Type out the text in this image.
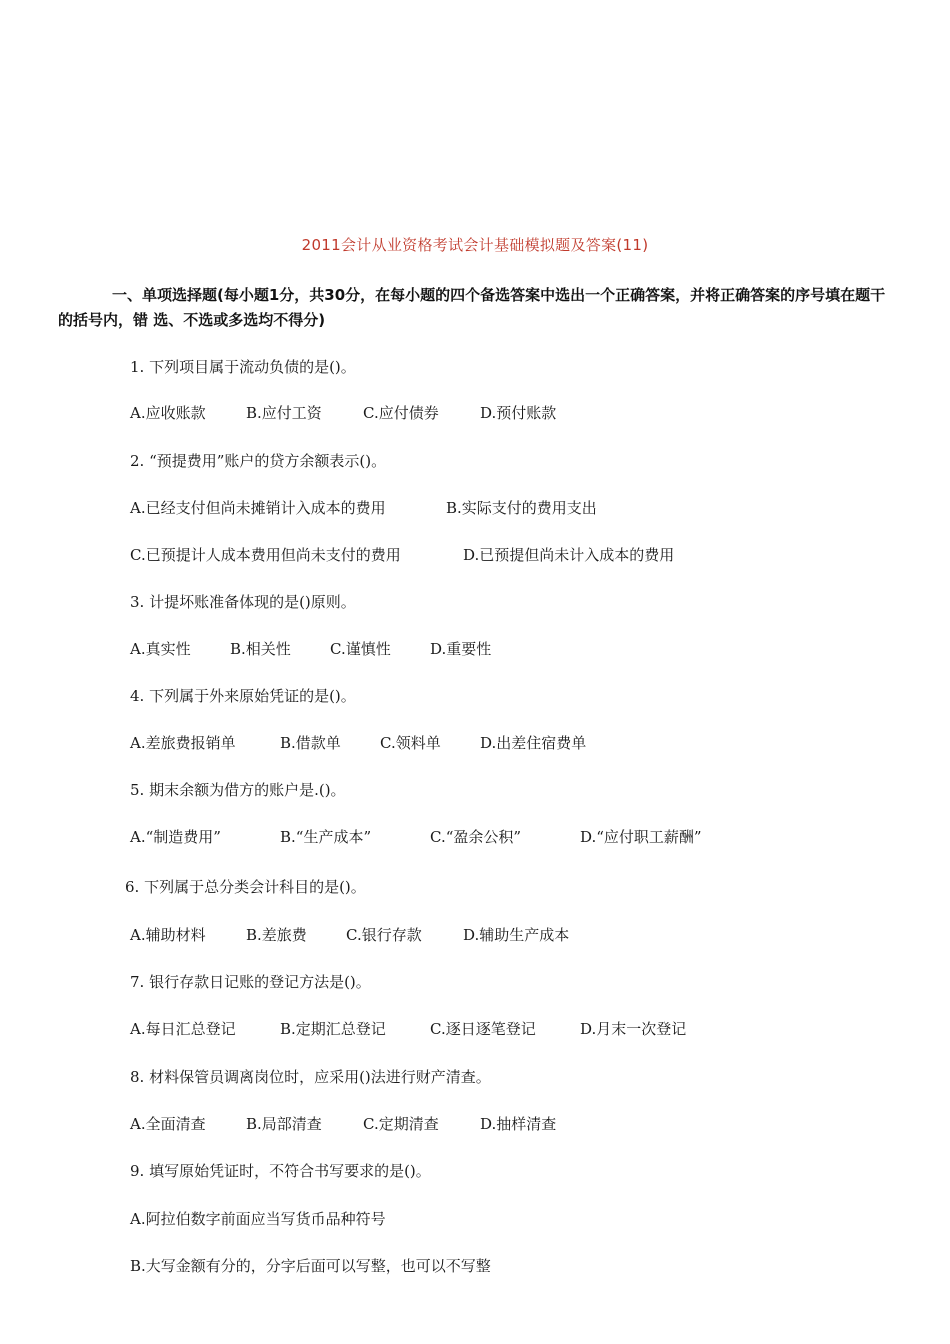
2011会计从业资格考试会计基础模拟题及答案(11)
一、单项选择题(每小题1分，共30分，在每小题的四个备选答案中选出一个正确答案，并将正确答案的序号填在题干的括号内，错 选、不选或多选均不得分)
1. 下列项目属于流动负债的是()。
A.应收账款	B.应付工资	C.应付债券	D.预付账款
2. “预提费用”账户的贷方余额表示()。
A.已经支付但尚未摊销计入成本的费用	B.实际支付的费用支出
C.已预提计人成本费用但尚未支付的费用	D.已预提但尚未计入成本的费用
3. 计提坏账准备体现的是()原则。
A.真实性	B.相关性	C.谨慎性	D.重要性
4. 下列属于外来原始凭证的是()。
A.差旅费报销单	B.借款单	C.领料单	D.出差住宿费单
5. 期末余额为借方的账户是.()。
A.“制造费用”	B.“生产成本”	C.“盈余公积”	D.“应付职工薪酬”
6. 下列属于总分类会计科目的是()。
A.辅助材料	B.差旅费	C.银行存款	D.辅助生产成本
7. 银行存款日记账的登记方法是()。
A.每日汇总登记	B.定期汇总登记	C.逐日逐笔登记	D.月末一次登记
8. 材料保管员调离岗位时，应采用()法进行财产清查。
A.全面清查	B.局部清查	C.定期清查	D.抽样清查
9. 填写原始凭证时，不符合书写要求的是()。
A.阿拉伯数字前面应当写货币品种符号
B.大写金额有分的，分字后面可以写整，也可以不写整
